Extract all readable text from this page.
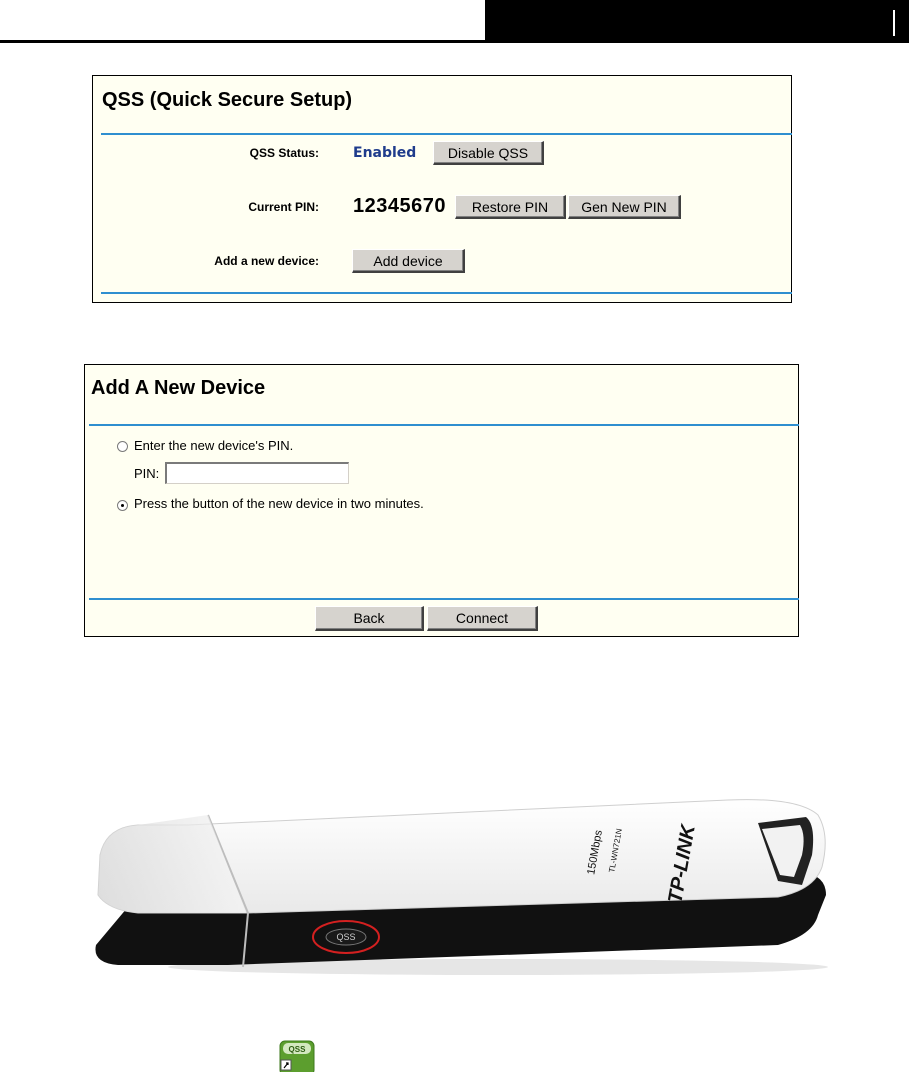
QSS (Quick Secure Setup)
QSS Status: Enabled	Disable QSS
Current PIN: 12345670	Restore PIN	Gen New PIN
Add a new device:	Add device
Add A New Device
Enter the new device's PIN.
PIN:
Press the button of the new device in two minutes.
Back	Connect
TP-LINK
150Mbps TL-WN721N
QSS
QSS
